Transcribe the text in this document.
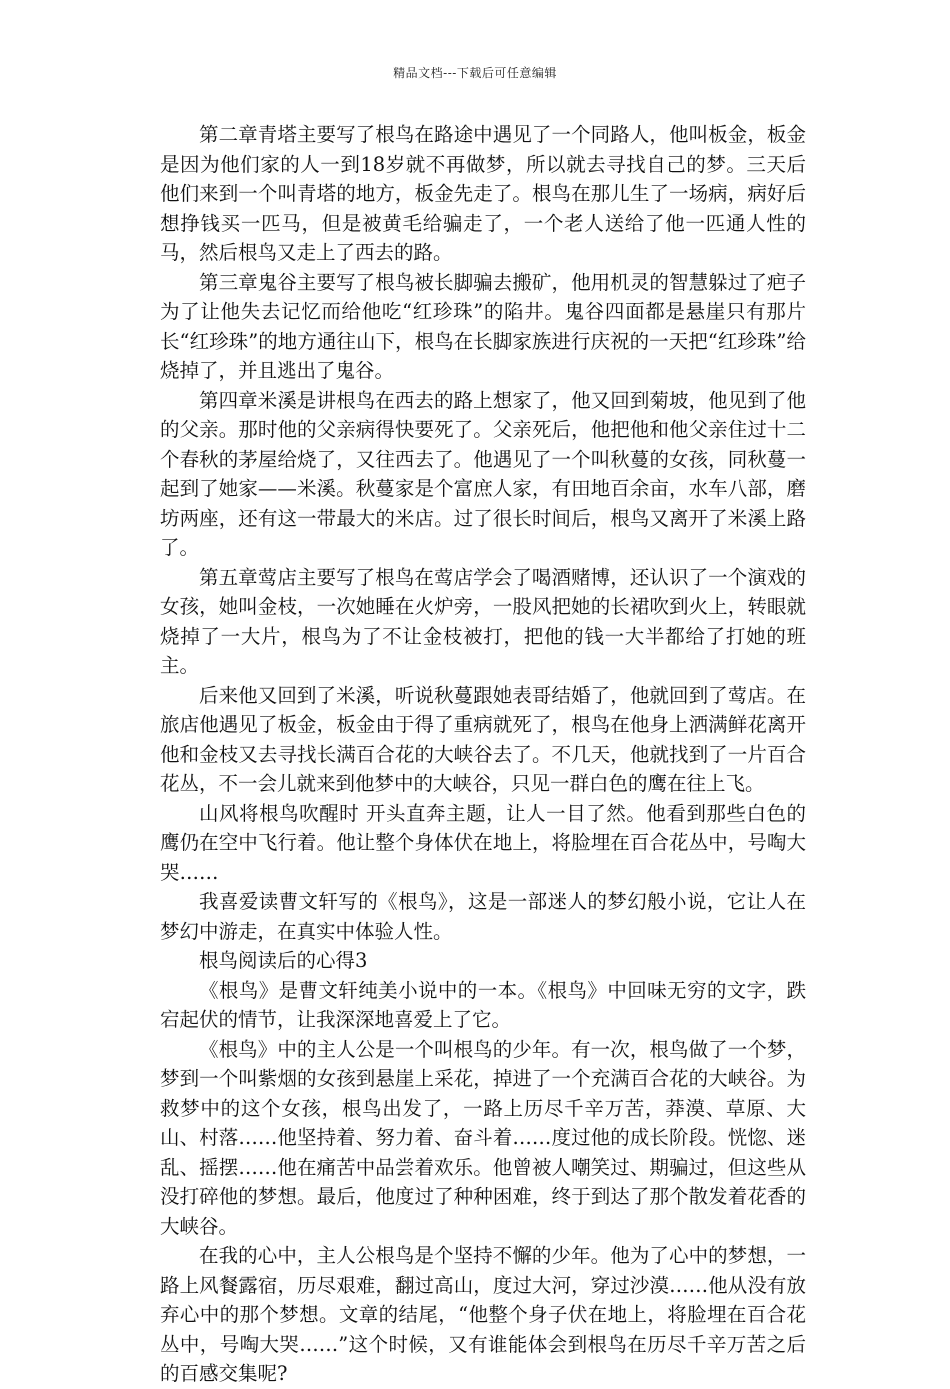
精品文档---下载后可任意编辑

第二章青塔主要写了根鸟在路途中遇见了一个同路人，他叫板金，板金是因为他们家的人一到18岁就不再做梦，所以就去寻找自己的梦。三天后他们来到一个叫青塔的地方，板金先走了。根鸟在那儿生了一场病，病好后想挣钱买一匹马，但是被黄毛给骗走了，一个老人送给了他一匹通人性的马，然后根鸟又走上了西去的路。

第三章鬼谷主要写了根鸟被长脚骗去搬矿，他用机灵的智慧躲过了疤子为了让他失去记忆而给他吃“红珍珠”的陷井。鬼谷四面都是悬崖只有那片长“红珍珠”的地方通往山下，根鸟在长脚家族进行庆祝的一天把“红珍珠”给烧掉了，并且逃出了鬼谷。

第四章米溪是讲根鸟在西去的路上想家了，他又回到菊坡，他见到了他的父亲。那时他的父亲病得快要死了。父亲死后，他把他和他父亲住过十二个春秋的茅屋给烧了，又往西去了。他遇见了一个叫秋蔓的女孩，同秋蔓一起到了她家——米溪。秋蔓家是个富庶人家，有田地百余亩，水车八部，磨坊两座，还有这一带最大的米店。过了很长时间后，根鸟又离开了米溪上路了。

第五章莺店主要写了根鸟在莺店学会了喝酒赌博，还认识了一个演戏的女孩，她叫金枝，一次她睡在火炉旁，一股风把她的长裙吹到火上，转眼就烧掉了一大片，根鸟为了不让金枝被打，把他的钱一大半都给了打她的班主。

后来他又回到了米溪，听说秋蔓跟她表哥结婚了，他就回到了莺店。在旅店他遇见了板金，板金由于得了重病就死了，根鸟在他身上洒满鲜花离开他和金枝又去寻找长满百合花的大峡谷去了。不几天，他就找到了一片百合花丛，不一会儿就来到他梦中的大峡谷，只见一群白色的鹰在往上飞。

山风将根鸟吹醒时 开头直奔主题，让人一目了然。他看到那些白色的鹰仍在空中飞行着。他让整个身体伏在地上，将脸埋在百合花丛中，号啕大哭……

我喜爱读曹文轩写的《根鸟》，这是一部迷人的梦幻般小说，它让人在梦幻中游走，在真实中体验人性。

根鸟阅读后的心得3

《根鸟》是曹文轩纯美小说中的一本。《根鸟》中回味无穷的文字，跌宕起伏的情节，让我深深地喜爱上了它。

《根鸟》中的主人公是一个叫根鸟的少年。有一次，根鸟做了一个梦，梦到一个叫紫烟的女孩到悬崖上采花，掉进了一个充满百合花的大峡谷。为救梦中的这个女孩，根鸟出发了，一路上历尽千辛万苦，莽漠、草原、大山、村落……他坚持着、努力着、奋斗着……度过他的成长阶段。恍惚、迷乱、摇摆……他在痛苦中品尝着欢乐。他曾被人嘲笑过、期骗过，但这些从没打碎他的梦想。最后，他度过了种种困难，终于到达了那个散发着花香的大峡谷。

在我的心中，主人公根鸟是个坚持不懈的少年。他为了心中的梦想，一路上风餐露宿，历尽艰难，翻过高山，度过大河，穿过沙漠……他从没有放弃心中的那个梦想。文章的结尾，“他整个身子伏在地上，将脸埋在百合花丛中，号啕大哭……”这个时候，又有谁能体会到根鸟在历尽千辛万苦之后的百感交集呢?
